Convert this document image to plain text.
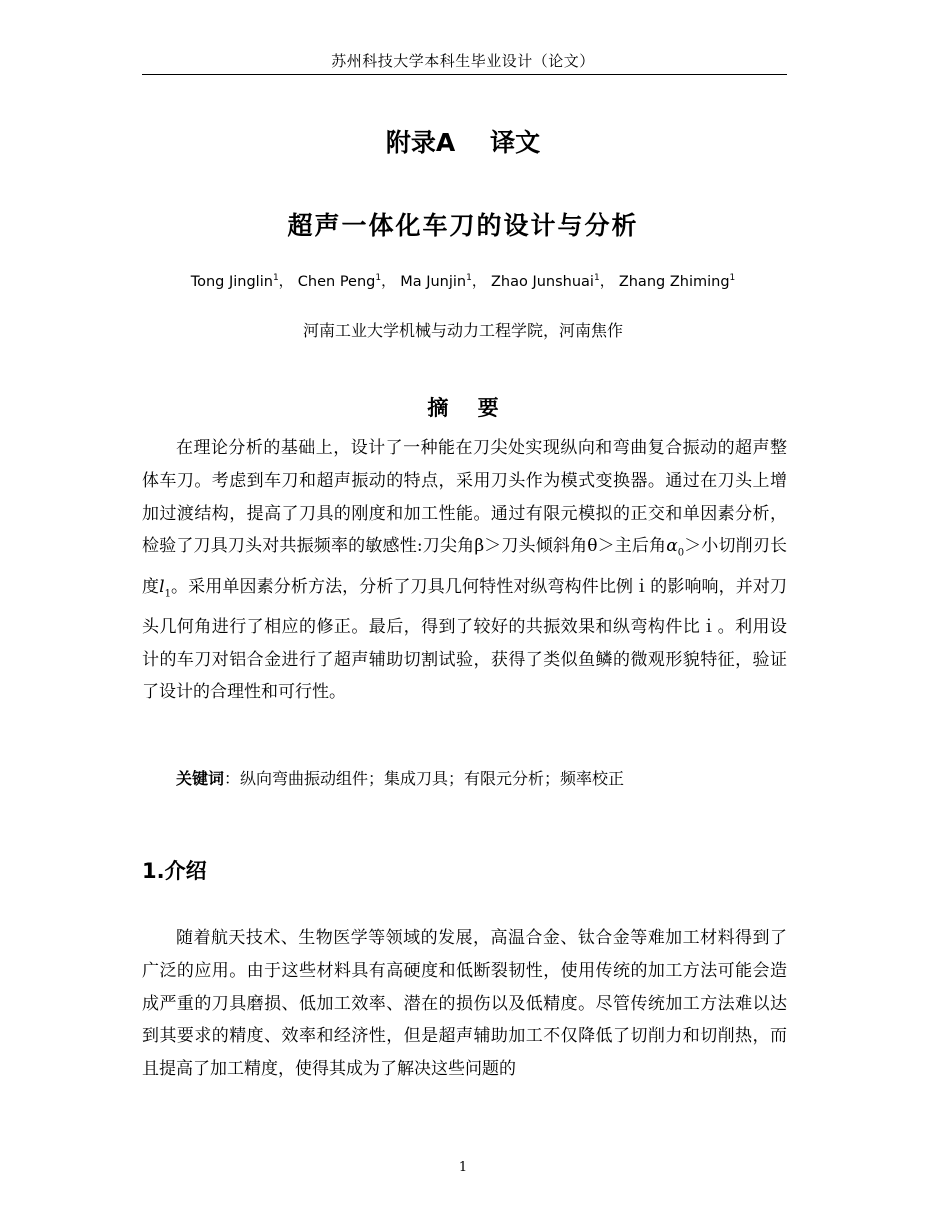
苏州科技大学本科生毕业设计（论文）
附录A    译文
超声一体化车刀的设计与分析
Tong Jinglin$^1$， Chen Peng$^1$， Ma Junjin$^1$， Zhao Junshuai$^1$， Zhang Zhiming$^1$
河南工业大学机械与动力工程学院，河南焦作
摘    要

在理论分析的基础上，设计了一种能在刀尖处实现纵向和弯曲复合振动的超声整体车刀。考虑到车刀和超声振动的特点，采用刀头作为模式变换器。通过在刀头上增加过渡结构，提高了刀具的刚度和加工性能。通过有限元模拟的正交和单因素分析，检验了刀具刀头对共振频率的敏感性:刀尖角β＞刀头倾斜角θ＞主后角$\alpha_0>$小切削刃长度$l_1$。采用单因素分析方法，分析了刀具几何特性对纵弯构件比例ｉ的影响响，并对刀头几何角进行了相应的修正。最后，得到了较好的共振效果和纵弯构件比ｉ。利用设计的车刀对铝合金进行了超声辅助切割试验，获得了类似鱼鳞的微观形貌特征，验证了设计的合理性和可行性。

关键词：纵向弯曲振动组件；集成刀具；有限元分析；频率校正
1.介绍

随着航天技术、生物医学等领域的发展，高温合金、钛合金等难加工材料得到了广泛的应用。由于这些材料具有高硬度和低断裂韧性，使用传统的加工方法可能会造成严重的刀具磨损、低加工效率、潜在的损伤以及低精度。尽管传统加工方法难以达到其要求的精度、效率和经济性，但是超声辅助加工不仅降低了切削力和切削热，而且提高了加工精度，使得其成为了解决这些问题的

1
